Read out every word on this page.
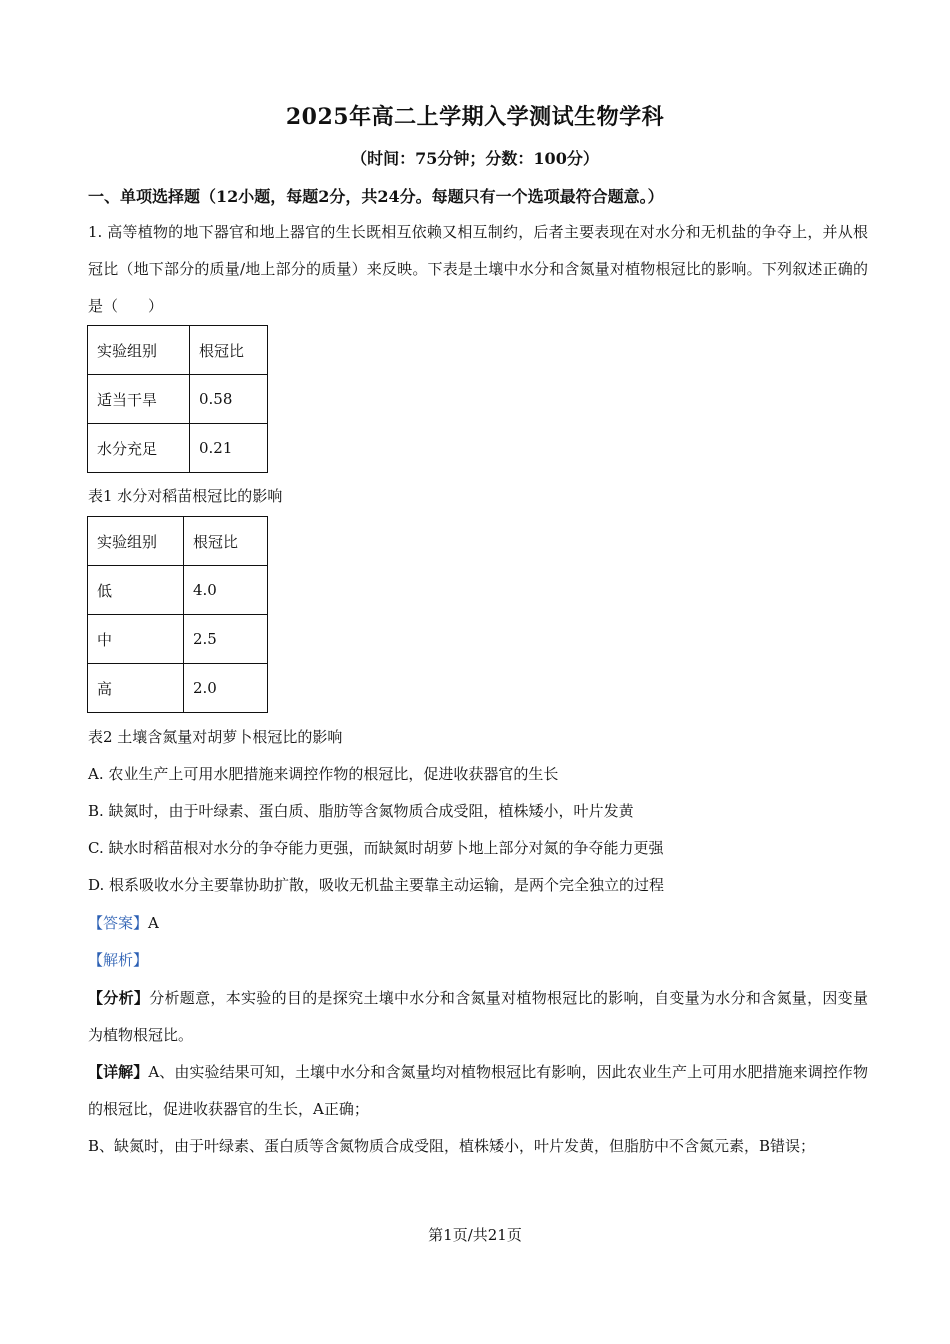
2025年高二上学期入学测试生物学科
（时间：75分钟；分数：100分）
一、单项选择题（12小题，每题2分，共24分。每题只有一个选项最符合题意。）
1. 高等植物的地下器官和地上器官的生长既相互依赖又相互制约，后者主要表现在对水分和无机盐的争夺上，并从根冠比（地下部分的质量/地上部分的质量）来反映。下表是土壤中水分和含氮量对植物根冠比的影响。下列叙述正确的是（　　）
实验组别	根冠比
适当干旱	0.58
水分充足	0.21
表1 水分对稻苗根冠比的影响
实验组别	根冠比
低	4.0
中	2.5
高	2.0
表2 土壤含氮量对胡萝卜根冠比的影响
A. 农业生产上可用水肥措施来调控作物的根冠比，促进收获器官的生长
B. 缺氮时，由于叶绿素、蛋白质、脂肪等含氮物质合成受阻，植株矮小，叶片发黄
C. 缺水时稻苗根对水分的争夺能力更强，而缺氮时胡萝卜地上部分对氮的争夺能力更强
D. 根系吸收水分主要靠协助扩散，吸收无机盐主要靠主动运输，是两个完全独立的过程
【答案】A
【解析】
【分析】分析题意，本实验的目的是探究土壤中水分和含氮量对植物根冠比的影响，自变量为水分和含氮量，因变量为植物根冠比。
【详解】A、由实验结果可知，土壤中水分和含氮量均对植物根冠比有影响，因此农业生产上可用水肥措施来调控作物的根冠比，促进收获器官的生长，A正确；
B、缺氮时，由于叶绿素、蛋白质等含氮物质合成受阻，植株矮小，叶片发黄，但脂肪中不含氮元素，B错误；
第1页/共21页
